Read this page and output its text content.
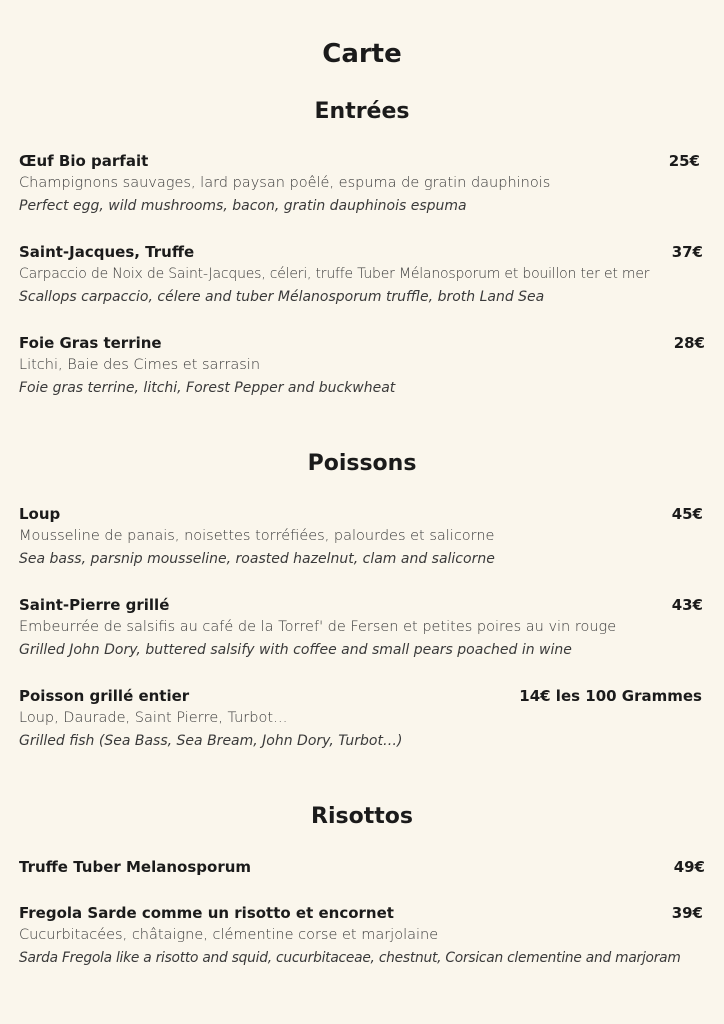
Carte
Entrées
Œuf Bio parfait	25€
Champignons sauvages, lard paysan poêlé, espuma de gratin dauphinois
Perfect egg, wild mushrooms, bacon, gratin dauphinois espuma
Saint-Jacques, Truffe	37€
Carpaccio de Noix de Saint-Jacques, céleri, truffe Tuber Mélanosporum et bouillon ter et mer
Scallops carpaccio, célere and tuber Mélanosporum truffle, broth Land Sea
Foie Gras terrine	28€
Litchi, Baie des Cimes et sarrasin
Foie gras terrine, litchi, Forest Pepper and buckwheat
Poissons
Loup	45€
Mousseline de panais, noisettes torréfiées, palourdes et salicorne
Sea bass, parsnip mousseline, roasted hazelnut, clam and salicorne
Saint-Pierre grillé	43€
Embeurrée de salsifis au café de la Torref' de Fersen et petites poires au vin rouge
Grilled John Dory, buttered salsify with coffee and small pears poached in wine
Poisson grillé entier	14€ les 100 Grammes
Loup, Daurade, Saint Pierre, Turbot…
Grilled fish (Sea Bass, Sea Bream, John Dory, Turbot…)
Risottos
Truffe Tuber Melanosporum	49€
Fregola Sarde comme un risotto et encornet	39€
Cucurbitacées, châtaigne, clémentine corse et marjolaine
Sarda Fregola like a risotto and squid, cucurbitaceae, chestnut, Corsican clementine and marjoram
